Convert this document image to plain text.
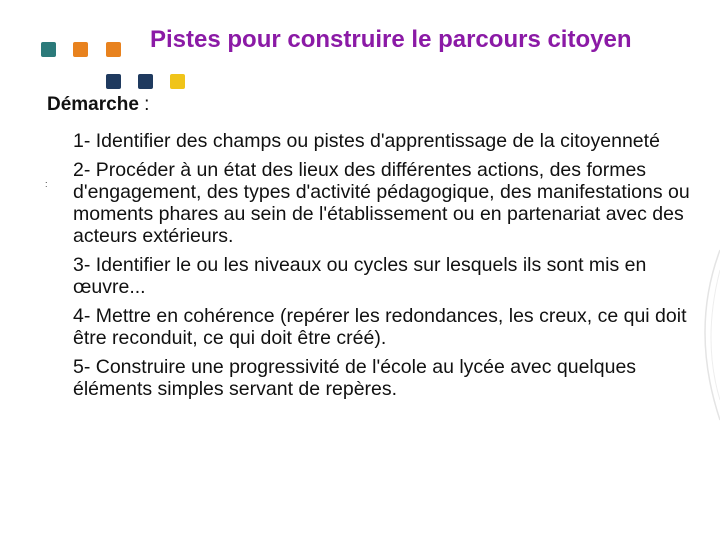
Pistes pour construire le parcours citoyen
Démarche :
:
1- Identifier des champs ou pistes d'apprentissage de la citoyenneté
2- Procéder à un état des lieux des différentes actions, des formes d'engagement, des types d'activité pédagogique, des manifestations ou moments phares au sein de l'établissement ou en partenariat avec des acteurs extérieurs.
3- Identifier le ou les niveaux ou cycles sur lesquels ils sont mis en œuvre...
4- Mettre en cohérence (repérer les redondances, les creux, ce qui doit être reconduit, ce qui doit être créé).
5- Construire une progressivité de l'école au lycée avec quelques éléments simples servant de repères.
